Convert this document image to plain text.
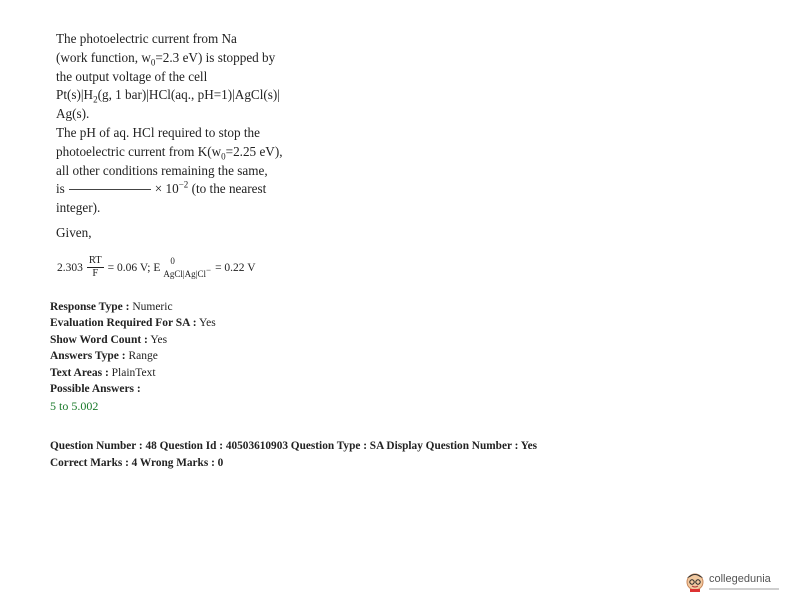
The photoelectric current from Na

(work function, $w_0=2.3$ eV) is stopped by

the output voltage of the cell

$Pt(s)|H_2(g$, 1 bar)|HCl(aq., pH=1)|AgCl(s)|

Ag(s).

The pH of aq. HCl required to stop the

photoelectric current from $K(w_0=2.25$ eV),

all other conditions remaining the same,

is	× $10^{-2}$ (to the nearest

integer).

Given,

$2.303 \frac{RT}{F} = 0.06$ V; E
0
$_{AgCl|Ag|Cl^-}$ = 0.22 V
Response Type : Numeric
Evaluation Required For SA : Yes
Show Word Count : Yes
Answers Type : Range
Text Areas : PlainText
Possible Answers :
5 to 5.002
Question Number : 48 Question Id : 40503610903 Question Type : SA Display Question Number : Yes
Correct Marks : 4 Wrong Marks : 0
collegedunia
